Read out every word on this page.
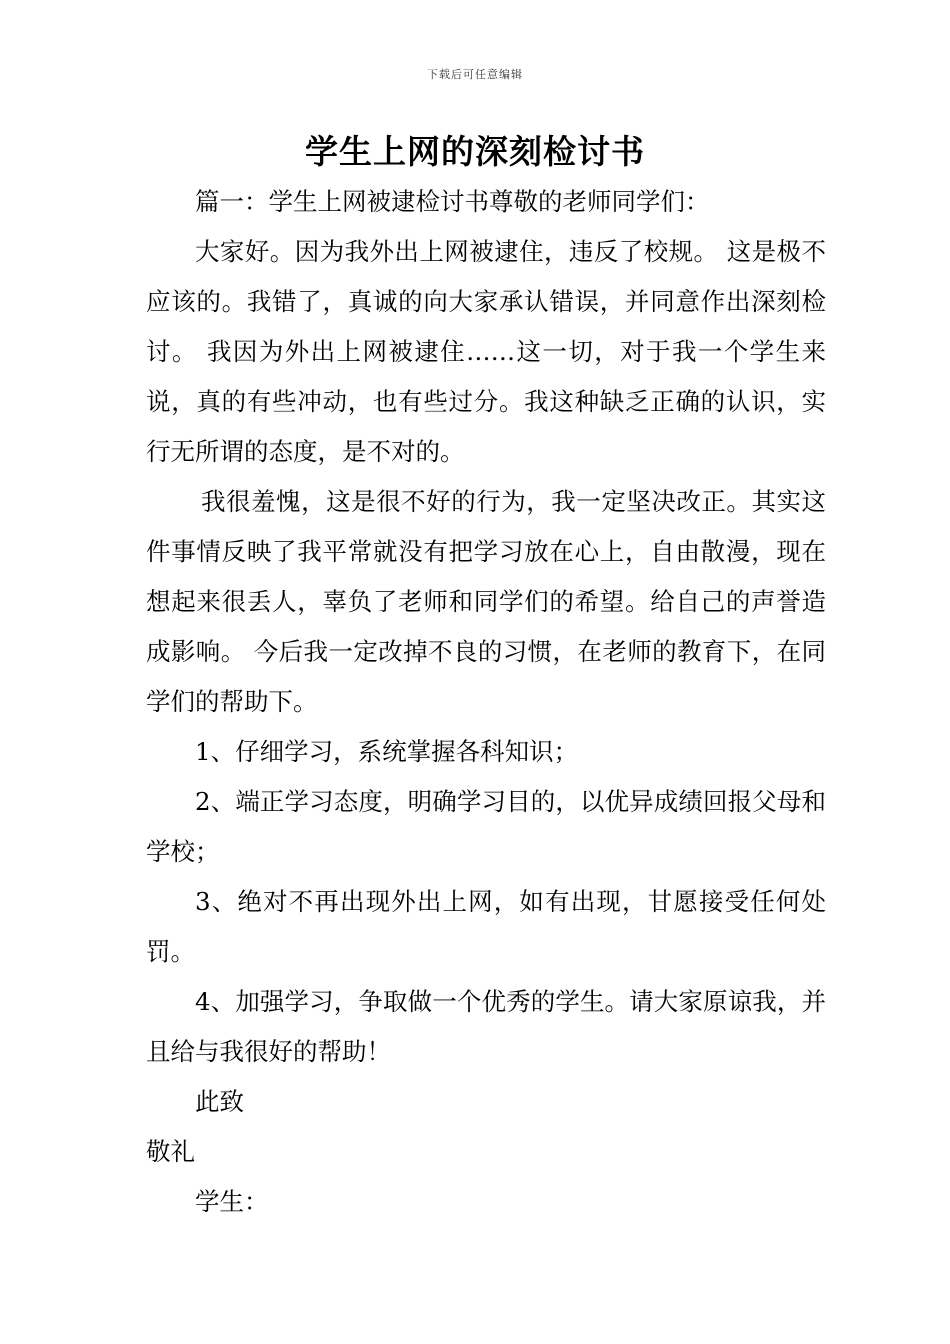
下载后可任意编辑
学生上网的深刻检讨书

篇一：学生上网被逮检讨书尊敬的老师同学们：

大家好。因为我外出上网被逮住，违反了校规。 这是极不应该的。我错了，真诚的向大家承认错误，并同意作出深刻检讨。 我因为外出上网被逮住……这一切，对于我一个学生来说，真的有些冲动，也有些过分。我这种缺乏正确的认识，实行无所谓的态度，是不对的。

我很羞愧，这是很不好的行为，我一定坚决改正。其实这件事情反映了我平常就没有把学习放在心上，自由散漫，现在 想起来很丢人，辜负了老师和同学们的希望。给自己的声誉造成影响。 今后我一定改掉不良的习惯，在老师的教育下，在同学们的帮助下。

1、仔细学习，系统掌握各科知识；

2、端正学习态度，明确学习目的，以优异成绩回报父母和学校；

3、绝对不再出现外出上网，如有出现，甘愿接受任何处罚。

4、加强学习，争取做一个优秀的学生。请大家原谅我，并且给与我很好的帮助！

此致

敬礼

学生：
